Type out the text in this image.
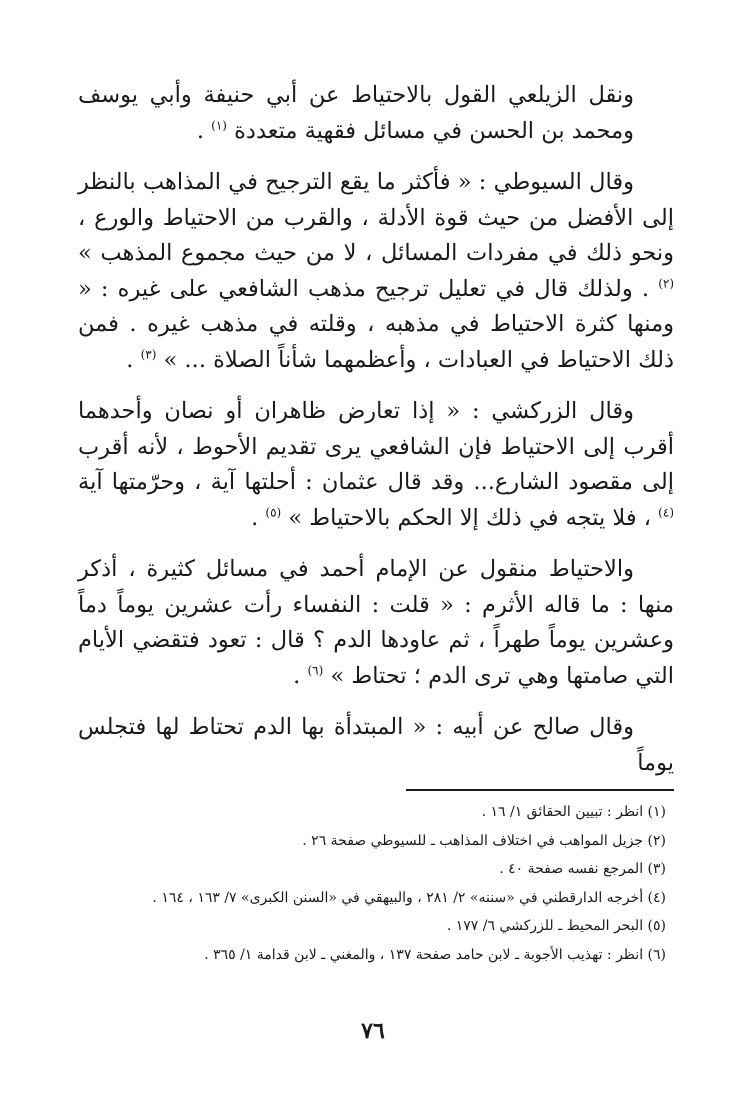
ونقل الزيلعي القول بالاحتياط عن أبي حنيفة وأبي يوسف ومحمد بن الحسن في مسائل فقهية متعددة $^{(١)}$ .

وقال السيوطي : « فأكثر ما يقع الترجيح في المذاهب بالنظر إلى الأفضل من حيث قوة الأدلة ، والقرب من الاحتياط والورع ، ونحو ذلك في مفردات المسائل ، لا من حيث مجموع المذهب » $^{(٢)}$ . ولذلك قال في تعليل ترجيح مذهب الشافعي على غيره : « ومنها كثرة الاحتياط في مذهبه ، وقلته في مذهب غيره . فمن ذلك الاحتياط في العبادات ، وأعظمهما شأناً الصلاة ... » $^{(٣)}$ .

وقال الزركشي : « إذا تعارض ظاهران أو نصان وأحدهما أقرب إلى الاحتياط فإن الشافعي يرى تقديم الأحوط ، لأنه أقرب إلى مقصود الشارع... وقد قال عثمان : أحلتها آية ، وحرّمتها آية $^{(٤)}$ ، فلا يتجه في ذلك إلا الحكم بالاحتياط » $^{(٥)}$ .

والاحتياط منقول عن الإمام أحمد في مسائل كثيرة ، أذكر منها : ما قاله الأثرم : « قلت : النفساء رأت عشرين يوماً دماً وعشرين يوماً طهراً ، ثم عاودها الدم ؟ قال : تعود فتقضي الأيام التي صامتها وهي ترى الدم ؛ تحتاط » $^{(٦)}$ .

وقال صالح عن أبيه : « المبتدأة بها الدم تحتاط لها فتجلس يوماً

(١) انظر : تبيين الحقائق ١/ ١٦ .
(٢) جزيل المواهب في اختلاف المذاهب ـ للسيوطي صفحة ٢٦ .
(٣) المرجع نفسه صفحة ٤٠ .
(٤) أخرجه الدارقطني في «سننه» ٢/ ٢٨١ ، والبيهقي في «السنن الكبرى» ٧/ ١٦٣ ، ١٦٤ .
(٥) البحر المحيط ـ للزركشي ٦/ ١٧٧ .
(٦) انظر : تهذيب الأجوبة ـ لابن حامد صفحة ١٣٧ ، والمغني ـ لابن قدامة ١/ ٣٦٥ .
٧٦
